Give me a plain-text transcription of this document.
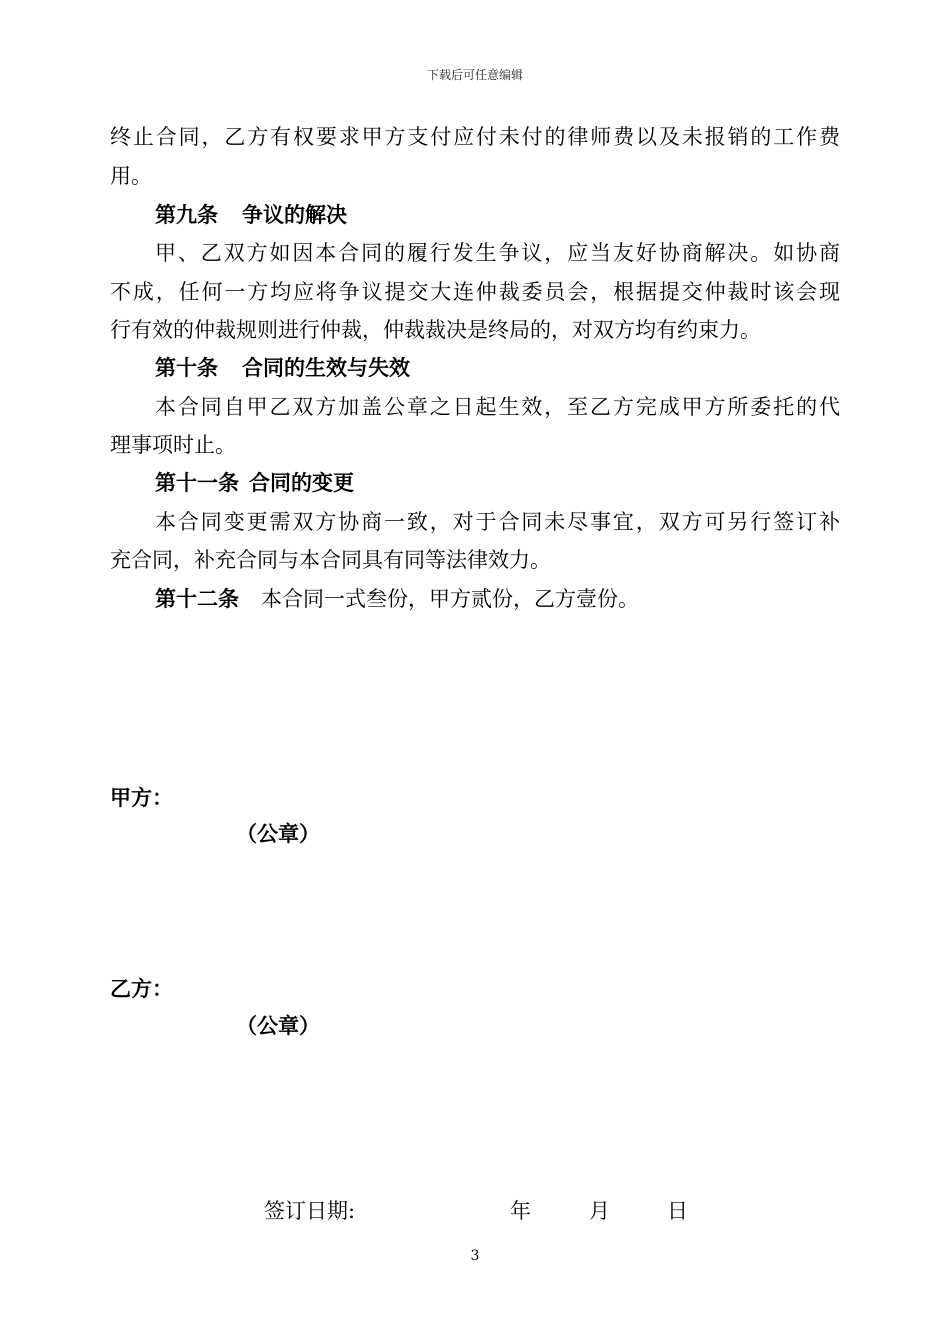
下载后可任意编辑
终止合同，乙方有权要求甲方支付应付未付的律师费以及未报销的工作费
用。
第九条 争议的解决
甲、乙双方如因本合同的履行发生争议，应当友好协商解决。如协商
不成，任何一方均应将争议提交大连仲裁委员会，根据提交仲裁时该会现
行有效的仲裁规则进行仲裁，仲裁裁决是终局的，对双方均有约束力。
第十条 合同的生效与失效
本合同自甲乙双方加盖公章之日起生效，至乙方完成甲方所委托的代
理事项时止。
第十一条 合同的变更
本合同变更需双方协商一致，对于合同未尽事宜，双方可另行签订补
充合同，补充合同与本合同具有同等法律效力。
第十二条 本合同一式叁份，甲方贰份，乙方壹份。
甲方：
（公章）
乙方：
（公章）
签订日期:	年	月	日
3
